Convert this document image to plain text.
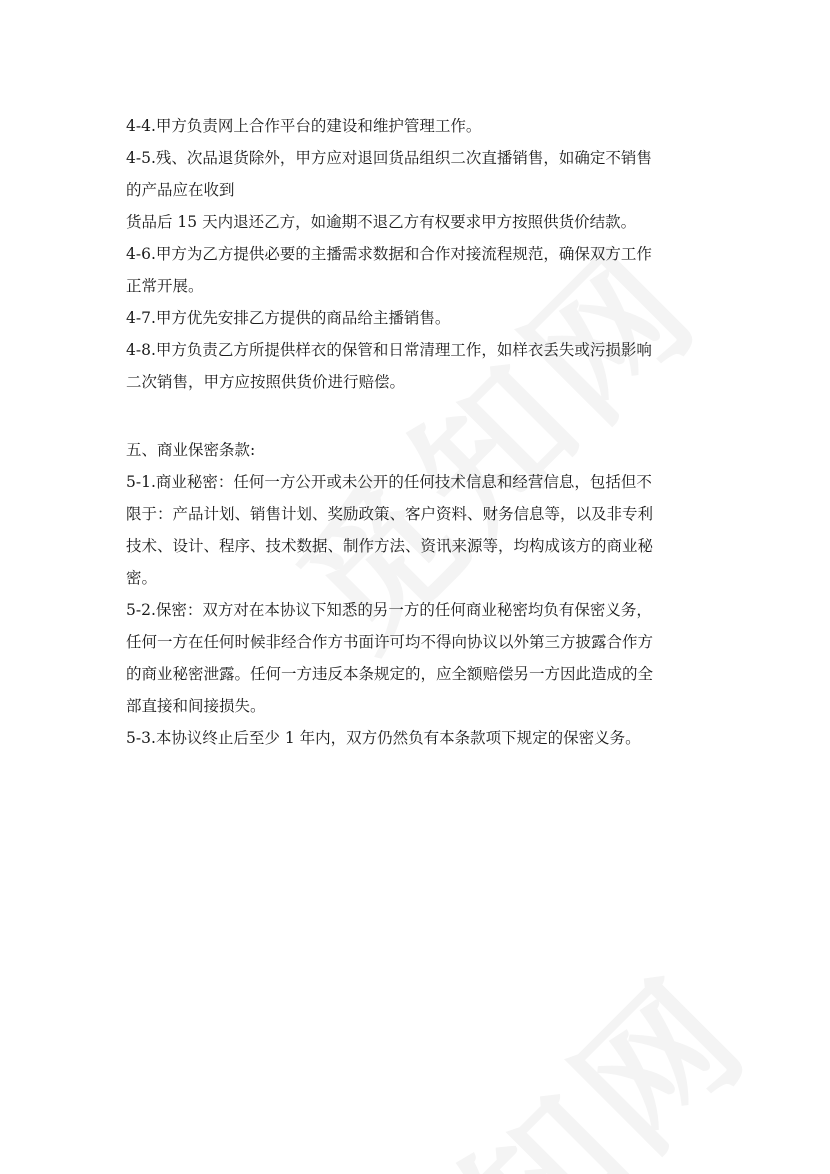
4-4.甲方负责网上合作平台的建设和维护管理工作。
4-5.残、次品退货除外，甲方应对退回货品组织二次直播销售，如确定不销售
的产品应在收到
货品后 15 天内退还乙方，如逾期不退乙方有权要求甲方按照供货价结款。
4-6.甲方为乙方提供必要的主播需求数据和合作对接流程规范，确保双方工作
正常开展。
4-7.甲方优先安排乙方提供的商品给主播销售。
4-8.甲方负责乙方所提供样衣的保管和日常清理工作，如样衣丢失或污损影响
二次销售，甲方应按照供货价进行赔偿。
五、商业保密条款:
5-1.商业秘密：任何一方公开或未公开的任何技术信息和经营信息，包括但不
限于：产品计划、销售计划、奖励政策、客户资料、财务信息等，以及非专利
技术、设计、程序、技术数据、制作方法、资讯来源等，均构成该方的商业秘
密。
5-2.保密：双方对在本协议下知悉的另一方的任何商业秘密均负有保密义务，
任何一方在任何时候非经合作方书面许可均不得向协议以外第三方披露合作方
的商业秘密泄露。任何一方违反本条规定的，应全额赔偿另一方因此造成的全
部直接和间接损失。
5-3.本协议终止后至少 1 年内，双方仍然负有本条款项下规定的保密义务。
